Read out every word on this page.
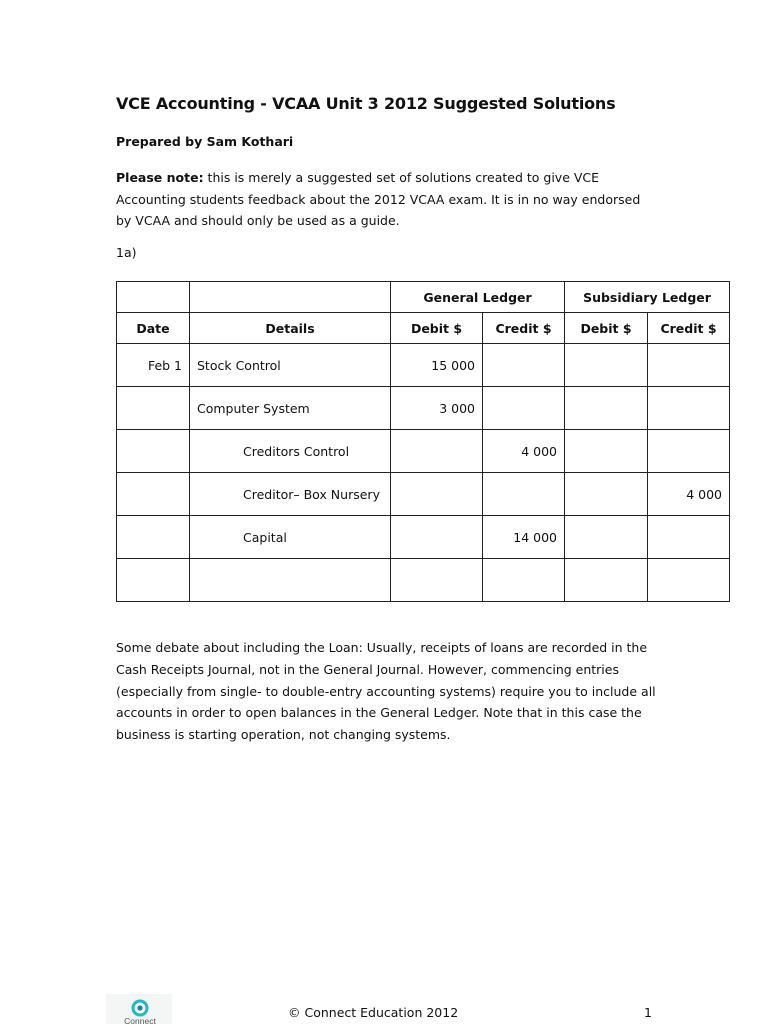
VCE Accounting - VCAA Unit 3 2012 Suggested Solutions
Prepared by Sam Kothari
Please note: this is merely a suggested set of solutions created to give VCE Accounting students feedback about the 2012 VCAA exam. It is in no way endorsed by VCAA and should only be used as a guide.
1a)
		General Ledger		Subsidiary Ledger	
Date	Details	Debit $	Credit $	Debit $	Credit $
Feb 1	Stock Control	15 000			
	Computer System	3 000			
	Creditors Control		4 000		
	Creditor– Box Nursery				4 000
	Capital		14 000		

Some debate about including the Loan: Usually, receipts of loans are recorded in the Cash Receipts Journal, not in the General Journal. However, commencing entries (especially from single- to double-entry accounting systems) require you to include all accounts in order to open balances in the General Ledger. Note that in this case the business is starting operation, not changing systems.
Connect
© Connect Education 2012	1
